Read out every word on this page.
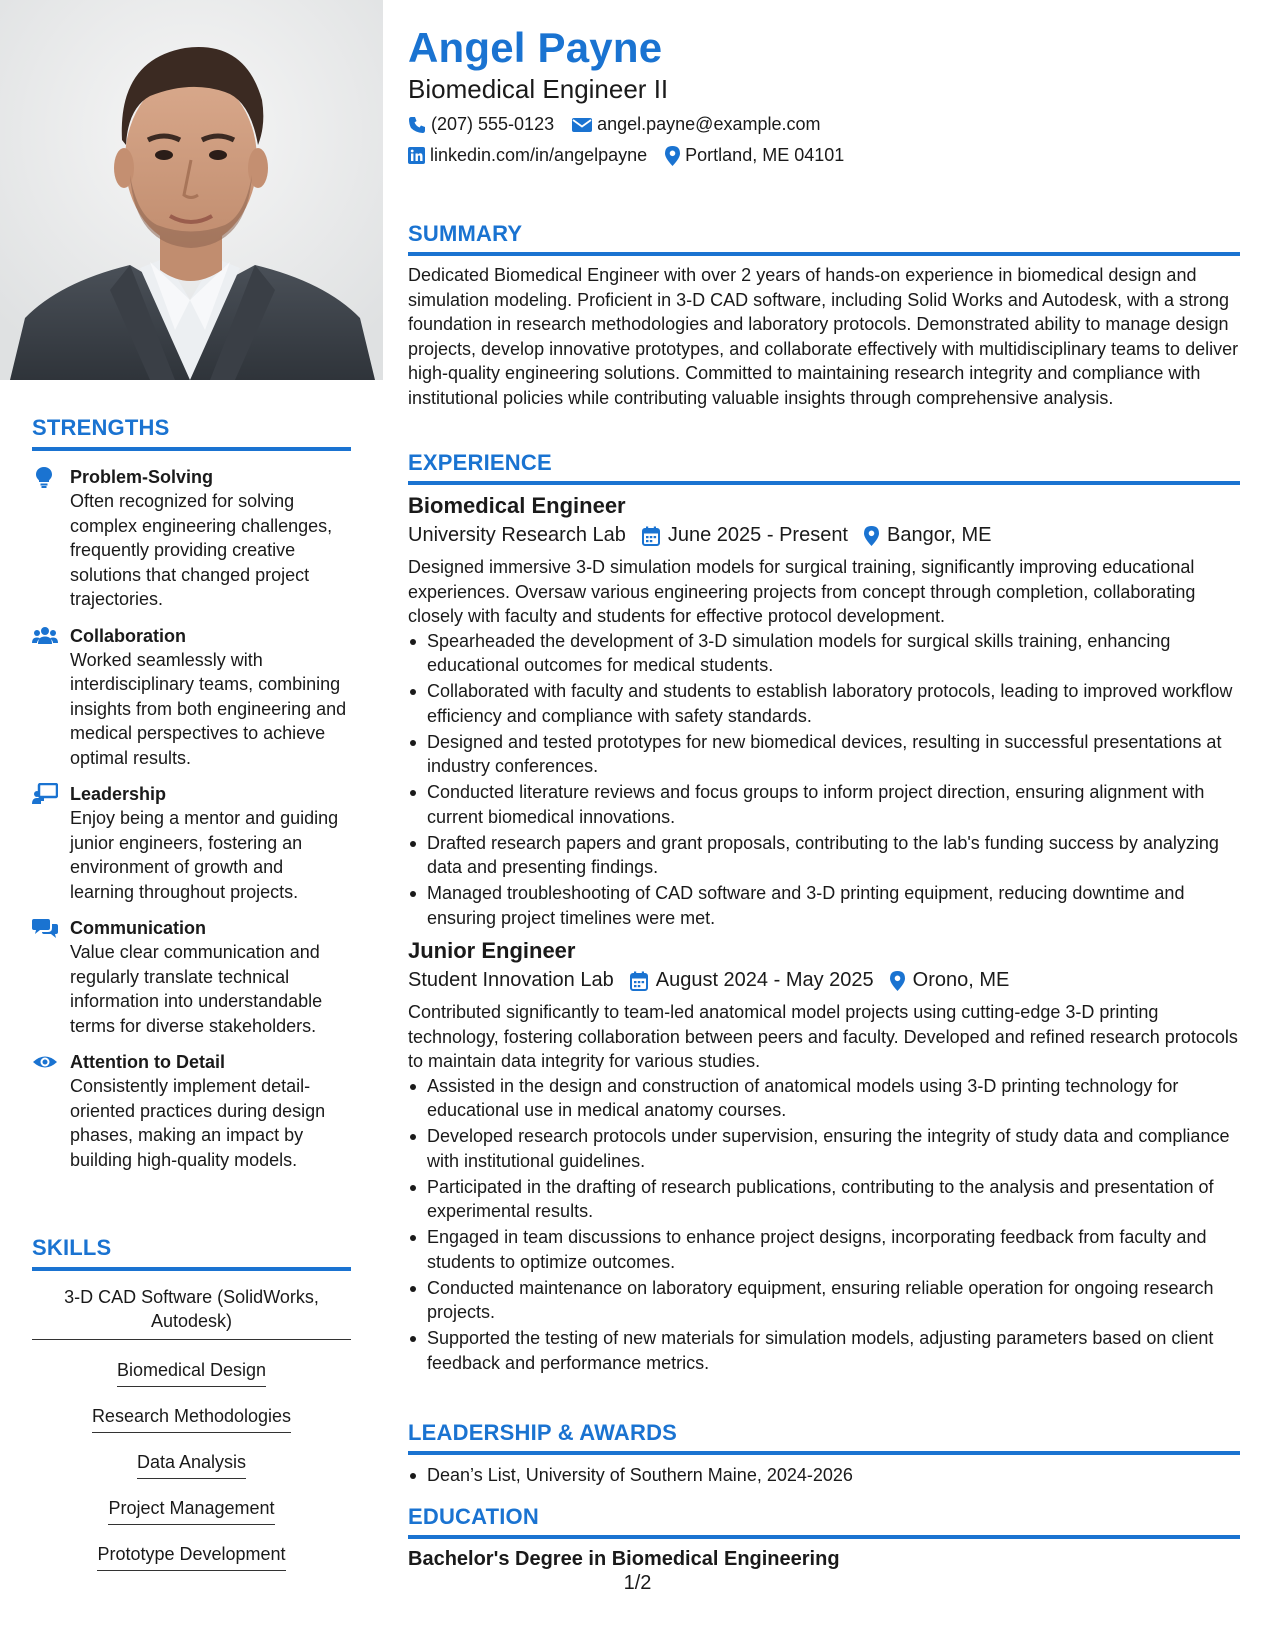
STRENGTHS
Problem-Solving
Often recognized for solving complex engineering challenges, frequently providing creative solutions that changed project trajectories.
Collaboration
Worked seamlessly with interdisciplinary teams, combining insights from both engineering and medical perspectives to achieve optimal results.
Leadership
Enjoy being a mentor and guiding junior engineers, fostering an environment of growth and learning throughout projects.
Communication
Value clear communication and regularly translate technical information into understandable terms for diverse stakeholders.
Attention to Detail
Consistently implement detail-oriented practices during design phases, making an impact by building high-quality models.
SKILLS
3-D CAD Software (SolidWorks, Autodesk)
Biomedical Design
Research Methodologies
Data Analysis
Project Management
Prototype Development
Angel Payne
Biomedical Engineer II
(207) 555-0123 angel.payne@example.com
linkedin.com/in/angelpayne Portland, ME 04101
SUMMARY

Dedicated Biomedical Engineer with over 2 years of hands-on experience in biomedical design and simulation modeling. Proficient in 3-D CAD software, including Solid Works and Autodesk, with a strong foundation in research methodologies and laboratory protocols. Demonstrated ability to manage design projects, develop innovative prototypes, and collaborate effectively with multidisciplinary teams to deliver high-quality engineering solutions. Committed to maintaining research integrity and compliance with institutional policies while contributing valuable insights through comprehensive analysis.

EXPERIENCE
Biomedical Engineer
University Research Lab June 2025 - Present Bangor, ME

Designed immersive 3-D simulation models for surgical training, significantly improving educational experiences. Oversaw various engineering projects from concept through completion, collaborating closely with faculty and students for effective protocol development.

Spearheaded the development of 3-D simulation models for surgical skills training, enhancing educational outcomes for medical students.
Collaborated with faculty and students to establish laboratory protocols, leading to improved workflow efficiency and compliance with safety standards.
Designed and tested prototypes for new biomedical devices, resulting in successful presentations at industry conferences.
Conducted literature reviews and focus groups to inform project direction, ensuring alignment with current biomedical innovations.
Drafted research papers and grant proposals, contributing to the lab's funding success by analyzing data and presenting findings.
Managed troubleshooting of CAD software and 3-D printing equipment, reducing downtime and ensuring project timelines were met.
Junior Engineer
Student Innovation Lab August 2024 - May 2025 Orono, ME

Contributed significantly to team-led anatomical model projects using cutting-edge 3-D printing technology, fostering collaboration between peers and faculty. Developed and refined research protocols to maintain data integrity for various studies.

Assisted in the design and construction of anatomical models using 3-D printing technology for educational use in medical anatomy courses.
Developed research protocols under supervision, ensuring the integrity of study data and compliance with institutional guidelines.
Participated in the drafting of research publications, contributing to the analysis and presentation of experimental results.
Engaged in team discussions to enhance project designs, incorporating feedback from faculty and students to optimize outcomes.
Conducted maintenance on laboratory equipment, ensuring reliable operation for ongoing research projects.
Supported the testing of new materials for simulation models, adjusting parameters based on client feedback and performance metrics.
LEADERSHIP & AWARDS
Dean’s List, University of Southern Maine, 2024-2026
EDUCATION
Bachelor's Degree in Biomedical Engineering
1/2
